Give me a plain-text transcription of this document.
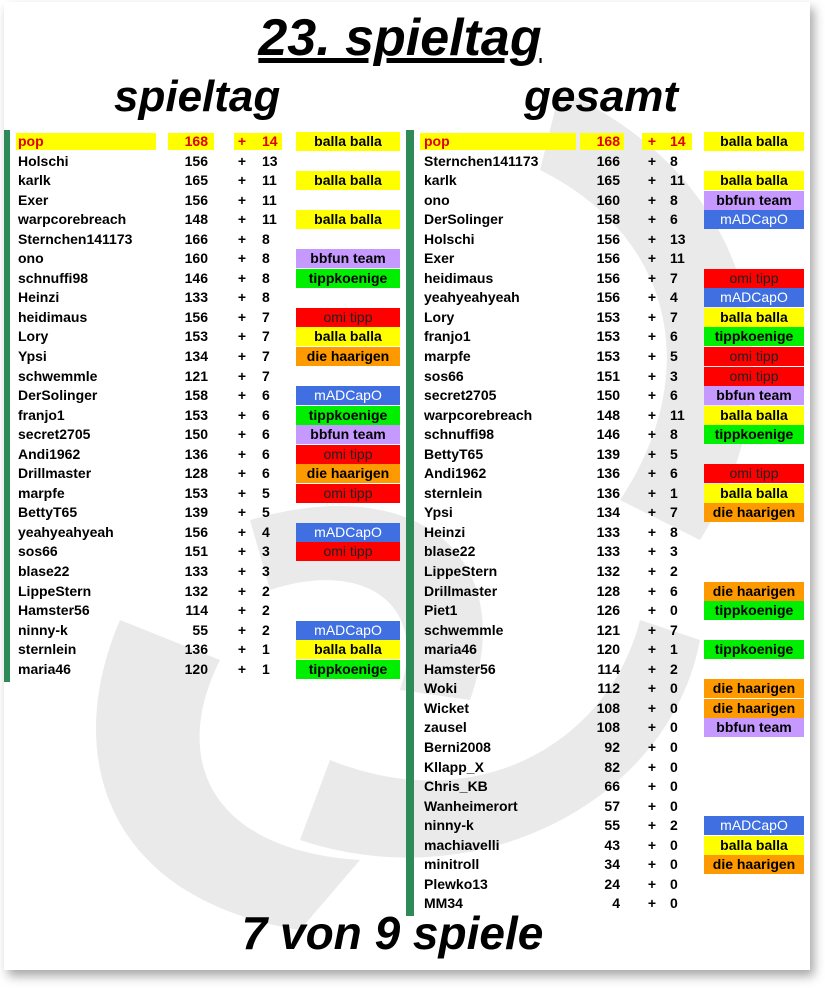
23. spieltag
spieltag	gesamt
pop	168 + 14	balla balla
Holschi	156 + 13
karlk	165 + 11	balla balla
Exer	156 + 11
warpcorebreach	148 + 11	balla balla
Sternchen141173	166 + 8
ono	160 + 8	bbfun team
schnuffi98	146 + 8	tippkoenige
Heinzi	133 + 8
heidimaus	156 + 7	omi tipp
Lory	153 + 7	balla balla
Ypsi	134 + 7	die haarigen
schwemmle	121 + 7
DerSolinger	158 + 6	mADCapO
franjo1	153 + 6	tippkoenige
secret2705	150 + 6	bbfun team
Andi1962	136 + 6	omi tipp
Drillmaster	128 + 6	die haarigen
marpfe	153 + 5	omi tipp
BettyT65	139 + 5
yeahyeahyeah	156 + 4	mADCapO
sos66	151 + 3	omi tipp
blase22	133 + 3
LippeStern	132 + 2
Hamster56	114 + 2
ninny-k	55 + 2	mADCapO
sternlein	136 + 1	balla balla
maria46	120 + 1	tippkoenige
pop	168 + 14	balla balla
Sternchen141173	166 + 8
karlk	165 + 11	balla balla
ono	160 + 8	bbfun team
DerSolinger	158 + 6	mADCapO
Holschi	156 + 13
Exer	156 + 11
heidimaus	156 + 7	omi tipp
yeahyeahyeah	156 + 4	mADCapO
Lory	153 + 7	balla balla
franjo1	153 + 6	tippkoenige
marpfe	153 + 5	omi tipp
sos66	151 + 3	omi tipp
secret2705	150 + 6	bbfun team
warpcorebreach	148 + 11	balla balla
schnuffi98	146 + 8	tippkoenige
BettyT65	139 + 5
Andi1962	136 + 6	omi tipp
sternlein	136 + 1	balla balla
Ypsi	134 + 7	die haarigen
Heinzi	133 + 8
blase22	133 + 3
LippeStern	132 + 2
Drillmaster	128 + 6	die haarigen
Piet1	126 + 0	tippkoenige
schwemmle	121 + 7
maria46	120 + 1	tippkoenige
Hamster56	114 + 2
Woki	112 + 0	die haarigen
Wicket	108 + 0	die haarigen
zausel	108 + 0	bbfun team
Berni2008	92 + 0
Kllapp_X	82 + 0
Chris_KB	66 + 0
Wanheimerort	57 + 0
ninny-k	55 + 2	mADCapO
machiavelli	43 + 0	balla balla
minitroll	34 + 0	die haarigen
Plewko13	24 + 0
MM34	4 + 0
7 von 9 spiele
